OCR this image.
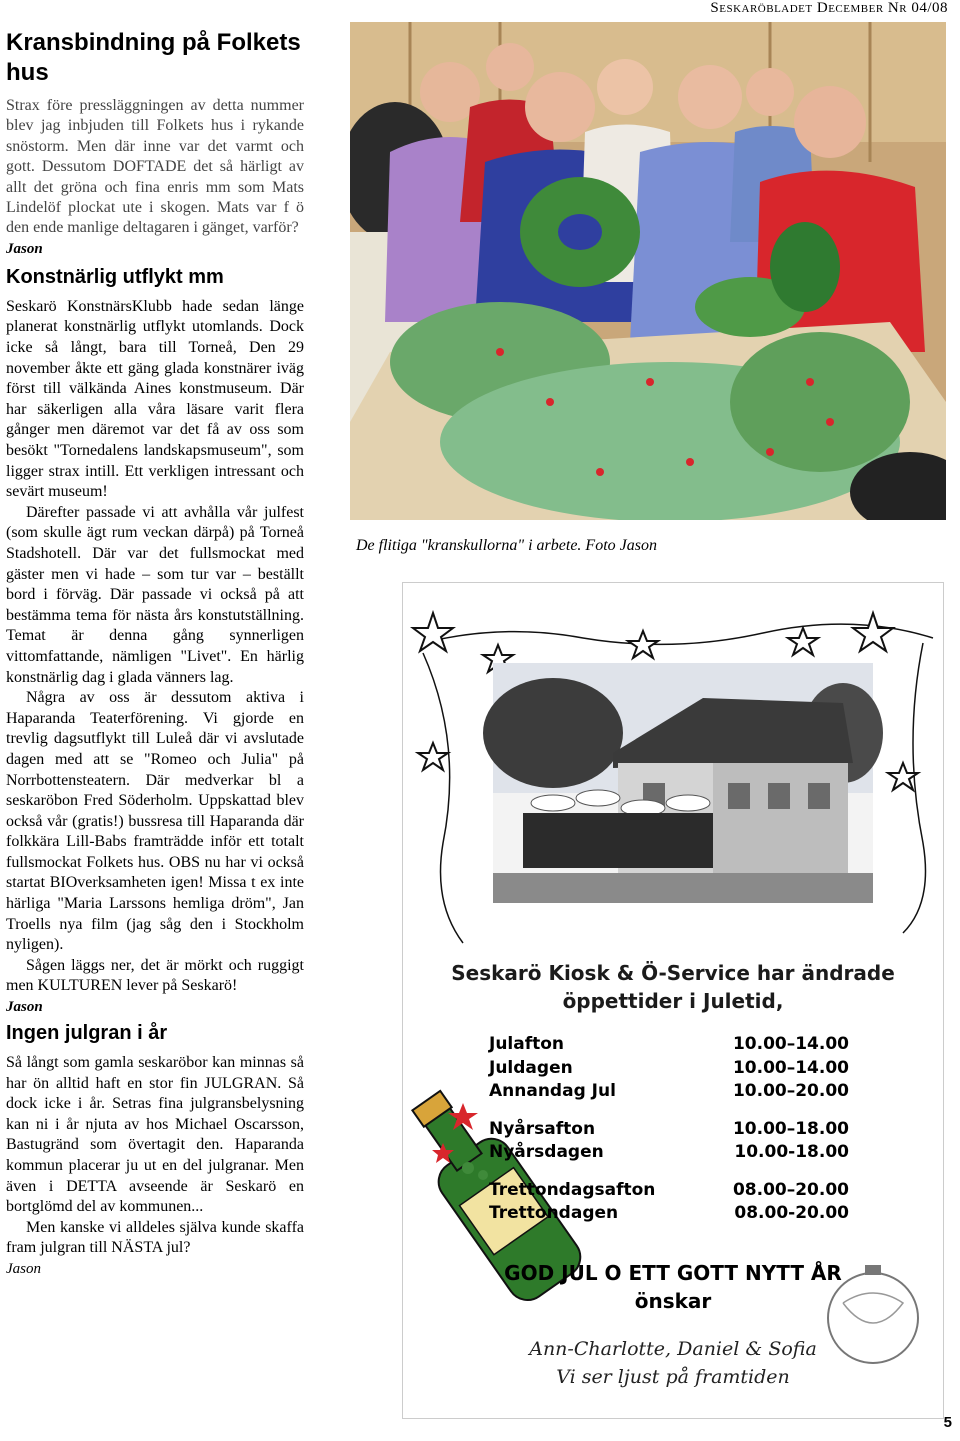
Seskaröbladet December Nr 04/08
Kransbindning på Folkets hus

Strax före pressläggningen av detta nummer blev jag inbjuden till Folkets hus i rykande snöstorm. Men där inne var det varmt och gott. Dessutom DOFTADE det så härligt av allt det gröna och fina enris mm som Mats Lindelöf plockat ute i skogen. Mats var f ö den ende manlige deltagaren i gänget, varför?

Jason
Konstnärlig utflykt mm

Seskarö KonstnärsKlubb hade sedan länge planerat konstnärlig utflykt utomlands. Dock icke så långt, bara till Torneå, Den 29 november åkte ett gäng glada konstnärer iväg först till välkända Aines konstmuseum. Där har säkerligen alla våra läsare varit flera gånger men däremot var det få av oss som besökt "Tornedalens landskapsmuseum", som ligger strax intill. Ett verkligen intressant och sevärt museum!

Därefter passade vi att avhålla vår julfest (som skulle ägt rum veckan därpå) på Torneå Stadshotell. Där var det fullsmockat med gäster men vi hade – som tur var – beställt bord i förväg. Där passade vi också på att bestämma tema för nästa års konstutställning. Temat är denna gång synnerligen vittomfattande, nämligen "Livet". En härlig konstnärlig dag i glada vänners lag.

Några av oss är dessutom aktiva i Haparanda Teaterförening. Vi gjorde en trevlig dagsutflykt till Luleå där vi avslutade dagen med att se "Romeo och Julia" på Norrbottensteatern. Där medverkar bl a seskaröbon Fred Söderholm. Uppskattad blev också vår (gratis!) bussresa till Haparanda där folkkära Lill-Babs framträdde inför ett totalt fullsmockat Folkets hus. OBS nu har vi också startat BIOverksamheten igen! Missa t ex inte härliga "Maria Larssons hemliga dröm", Jan Troells nya film (jag såg den i Stockholm nyligen).

Sågen läggs ner, det är mörkt och ruggigt men KULTUREN lever på Seskarö!

Jason
Ingen julgran i år

Så långt som gamla seskaröbor kan minnas så har ön alltid haft en stor fin JULGRAN. Så dock icke i år. Setras fina julgransbelysning kan ni i år njuta av hos Michael Oscarsson, Bastugränd som övertagit den. Haparanda kommun placerar ju ut en del julgranar. Men även i DETTA avseende är Seskarö en bortglömd del av kommunen...

Men kanske vi alldeles själva kunde skaffa fram julgran till NÄSTA jul?

Jason
De flitiga "kranskullorna" i arbete. Foto Jason
Seskarö Kiosk & Ö-Service har ändrade
öppettider i Juletid,
Julafton	10.00–14.00
Juldagen	10.00–14.00
Annandag Jul	10.00–20.00
Nyårsafton	10.00–18.00
Nyårsdagen	10.00-18.00
Trettondagsafton	08.00–20.00
Trettondagen	08.00-20.00
GOD JUL O ETT GOTT NYTT ÅR
önskar
Ann-Charlotte, Daniel & Sofia
Vi ser ljust på framtiden
5
